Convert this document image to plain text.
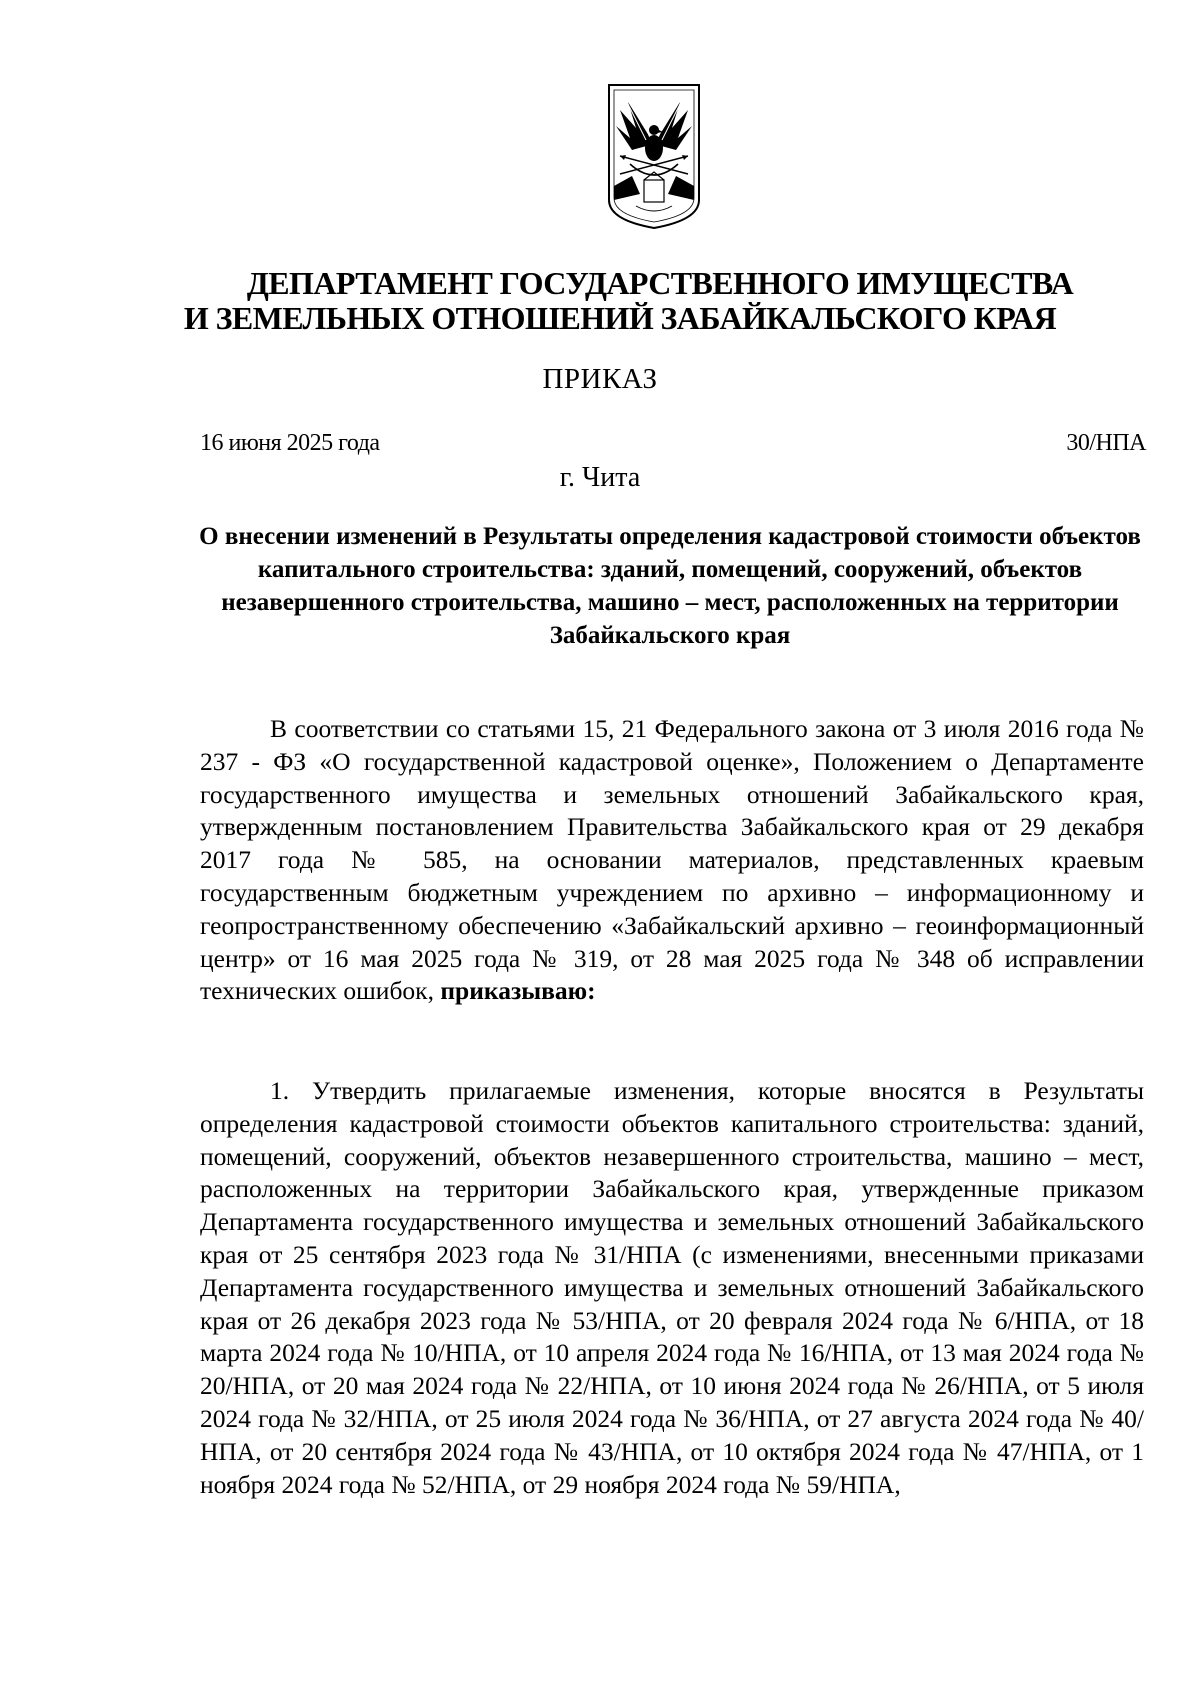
ДЕПАРТАМЕНТ ГОСУДАРСТВЕННОГО ИМУЩЕСТВА
И ЗЕМЕЛЬНЫХ ОТНОШЕНИЙ ЗАБАЙКАЛЬСКОГО КРАЯ
ПРИКАЗ
16 июня 2025 года	30/НПА
г. Чита
О внесении изменений в Результаты определения кадастровой стоимости объектов капитального строительства: зданий, помещений, сооружений, объектов незавершенного строительства, машино – мест, расположенных на территории Забайкальского края

В соответствии со статьями 15, 21 Федерального закона от 3 июля 2016 года № 237 - ФЗ «О государственной кадастровой оценке», Положением о Департаменте государственного имущества и земельных отношений Забайкальского края, утвержденным постановлением Правительства Забайкальского края от 29 декабря 2017 года № 585, на основании материалов, представленных краевым государственным бюджетным учреждением по архивно – информационному и геопространственному обеспечению «Забайкальский архивно – геоинформационный центр» от 16 мая 2025 года № 319, от 28 мая 2025 года № 348 об исправлении технических ошибок, приказываю:

1. Утвердить прилагаемые изменения, которые вносятся в Результаты определения кадастровой стоимости объектов капитального строительства: зданий, помещений, сооружений, объектов незавершенного строительства, машино – мест, расположенных на территории Забайкальского края, утвержденные приказом Департамента государственного имущества и земельных отношений Забайкальского края от 25 сентября 2023 года № 31/НПА (с изменениями, внесенными приказами Департамента государственного имущества и земельных отношений Забайкальского края от 26 декабря 2023 года № 53/НПА, от 20 февраля 2024 года № 6/НПА, от 18 марта 2024 года № 10/НПА, от 10 апреля 2024 года № 16/НПА, от 13 мая 2024 года № 20/НПА, от 20 мая 2024 года № 22/НПА, от 10 июня 2024 года № 26/НПА, от 5 июля 2024 года № 32/НПА, от 25 июля 2024 года № 36/НПА, от 27 августа 2024 года № 40/НПА, от 20 сентября 2024 года № 43/НПА, от 10 октября 2024 года № 47/НПА, от 1 ноября 2024 года № 52/НПА, от 29 ноября 2024 года № 59/НПА,
